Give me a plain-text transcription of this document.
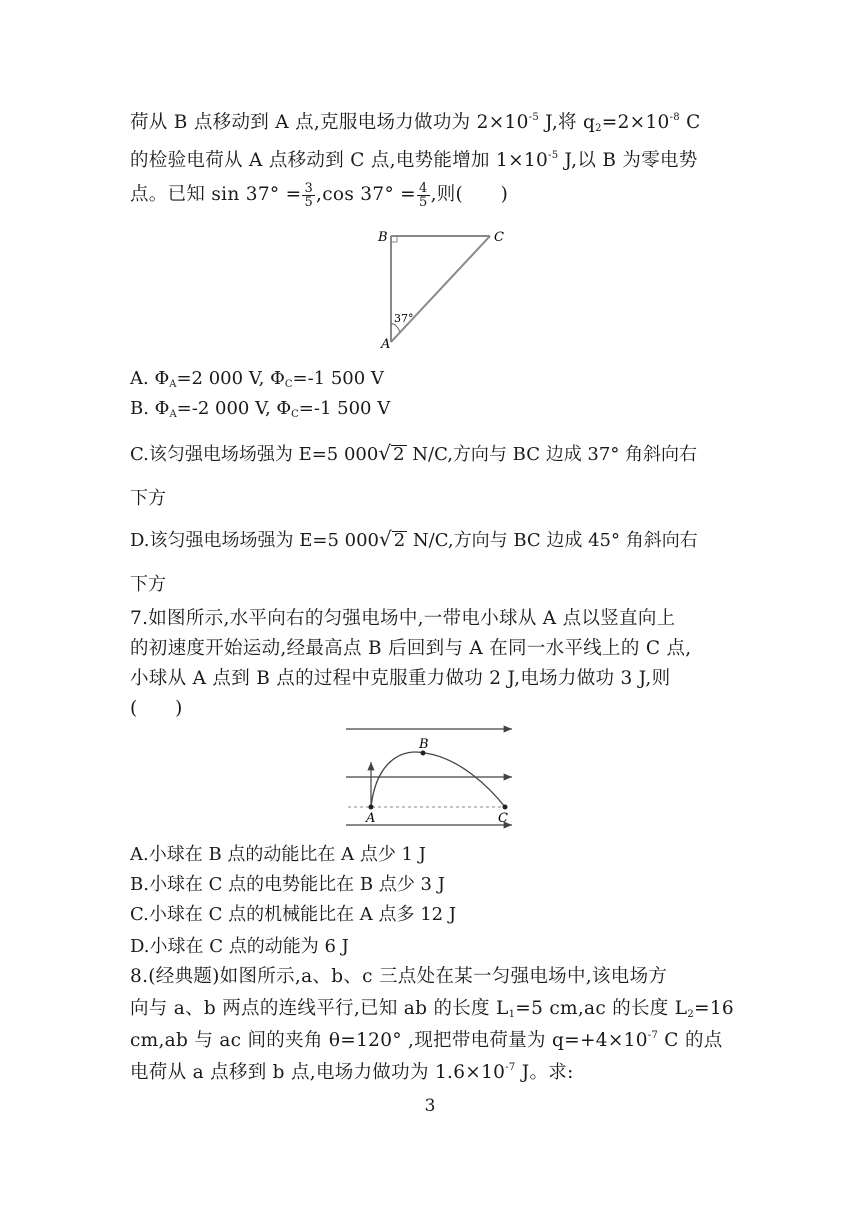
荷从 B 点移动到 A 点,克服电场力做功为 $2\times 10^{-5}$ J,将 $q_2=2\times 10^{-8}$ C
的检验电荷从 A 点移动到 C 点,电势能增加 $1\times 10^{-5}$ J,以 B 为零电势
点。已知 $\sin 37^\circ = \frac{3}{5} ,\cos$ $37^\circ = \frac{4}{5}$ ,则(　　)
B	C
A
37°
A. $\Phi_A=2$ 000 V, $\Phi_C=-1$ 500 V
B. $\Phi_A=-2$ 000 V, $\Phi_C=-1$ 500 V
C.该匀强电场场强为 E=5 000√ 2 N/C,方向与 BC 边成 37° 角斜向右
下方
D.该匀强电场场强为 E=5 000√ 2 N/C,方向与 BC 边成 45° 角斜向右
下方
7.如图所示,水平向右的匀强电场中,一带电小球从 A 点以竖直向上
的初速度开始运动,经最高点 B 后回到与 A 在同一水平线上的 C 点,
小球从 A 点到 B 点的过程中克服重力做功 2 J,电场力做功 3 J,则
(　　)
A
B
C
A.小球在 B 点的动能比在 A 点少 1 J
B.小球在 C 点的电势能比在 B 点少 3 J
C.小球在 C 点的机械能比在 A 点多 12 J
D.小球在 C 点的动能为 6 J
8.(经典题)如图所示,a、b、c 三点处在某一匀强电场中,该电场方
向与 a、b 两点的连线平行,已知 ab 的长度 $L_1=5$ cm,ac 的长度 $L_2=16$
cm,ab 与 ac 间的夹角 θ=120° ,现把带电荷量为 $q=+4\times 10^{-7}$ C 的点
电荷从 a 点移到 b 点,电场力做功为 $1.6\times 10^{-7}$ J。求:
3
